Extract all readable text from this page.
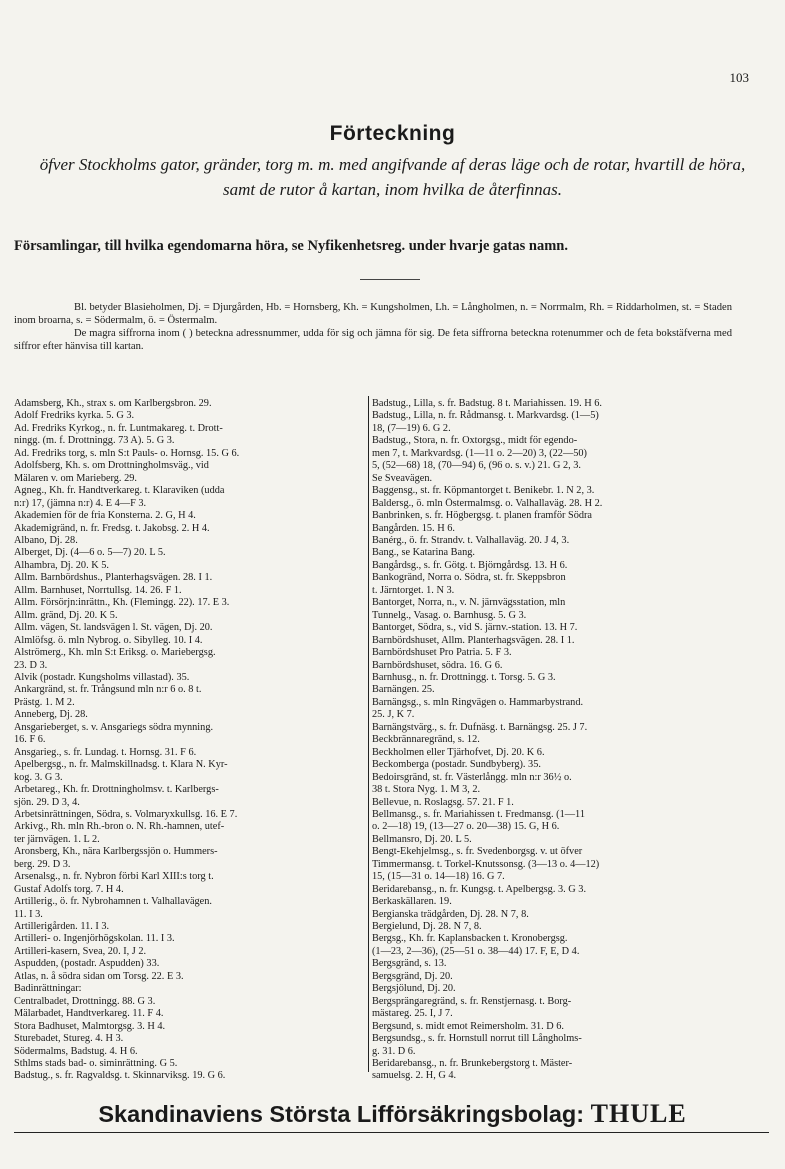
103
Förteckning
öfver Stockholms gator, gränder, torg m. m. med angifvande af deras läge och de rotar, hvartill de höra, samt de rutor å kartan, inom hvilka de återfinnas.
Församlingar, till hvilka egendomarna höra, se Nyfikenhetsreg. under hvarje gatas namn.

Bl. betyder Blasieholmen, Dj. = Djurgården, Hb. = Hornsberg, Kh. = Kungsholmen, Lh. = Långholmen, n. = Norrmalm, Rh. = Riddarholmen, st. = Staden inom broarna, s. = Södermalm, ö. = Östermalm.

De magra siffrorna inom ( ) beteckna adressnummer, udda för sig och jämna för sig. De feta siffrorna beteckna rotenummer och de feta bokstäfverna med siffror efter hänvisa till kartan.

Adamsberg, Kh., strax s. om Karlbergsbron. 29.
Adolf Fredriks kyrka. 5. G 3.
Ad. Fredriks Kyrkog., n. fr. Luntmakareg. t. Drott-
ningg. (m. f. Drottningg. 73 A). 5. G 3.
Ad. Fredriks torg, s. mln S:t Pauls- o. Hornsg. 15. G 6.
Adolfsberg, Kh. s. om Drottningholmsväg., vid
Mälaren v. om Marieberg. 29.
Agneg., Kh. fr. Handtverkareg. t. Klaraviken (udda
n:r) 17, (jämna n:r) 4. E 4—F 3.
Akademien för de fria Konsterna. 2. G, H 4.
Akademigränd, n. fr. Fredsg. t. Jakobsg. 2. H 4.
Albano, Dj. 28.
Alberget, Dj. (4—6 o. 5—7) 20. L 5.
Alhambra, Dj. 20. K 5.
Allm. Barnbördshus., Planterhagsvägen. 28. I 1.
Allm. Barnhuset, Norrtullsg. 14. 26. F 1.
Allm. Försörjn:inrättn., Kh. (Flemingg. 22). 17. E 3.
Allm. gränd, Dj. 20. K 5.
Allm. vägen, St. landsvägen l. St. vägen, Dj. 20.
Almlöfsg. ö. mln Nybrog. o. Sibylleg. 10. I 4.
Alströmerg., Kh. mln S:t Eriksg. o. Mariebergsg.
23. D 3.
Alvik (postadr. Kungsholms villastad). 35.
Ankargränd, st. fr. Trångsund mln n:r 6 o. 8 t.
Prästg. 1. M 2.
Anneberg, Dj. 28.
Ansgarieberget, s. v. Ansgariegs södra mynning.
16. F 6.
Ansgarieg., s. fr. Lundag. t. Hornsg. 31. F 6.
Apelbergsg., n. fr. Malmskillnadsg. t. Klara N. Kyr-
kog. 3. G 3.
Arbetareg., Kh. fr. Drottningholmsv. t. Karlbergs-
sjön. 29. D 3, 4.
Arbetsinrättningen, Södra, s. Volmaryxkullsg. 16. E 7.
Arkivg., Rh. mln Rh.-bron o. N. Rh.-hamnen, utef-
ter järnvägen. 1. L 2.
Aronsberg, Kh., nära Karlbergssjön o. Hummers-
berg. 29. D 3.
Arsenalsg., n. fr. Nybron förbi Karl XIII:s torg t.
Gustaf Adolfs torg. 7. H 4.
Artillerig., ö. fr. Nybrohamnen t. Valhallavägen.
11. I 3.
Artillerigården. 11. I 3.
Artilleri- o. Ingenjörhögskolan. 11. I 3.
Artilleri-kasern, Svea, 20. I, J 2.
Aspudden, (postadr. Aspudden) 33.
Atlas, n. å södra sidan om Torsg. 22. E 3.
Badinrättningar:
Centralbadet, Drottningg. 88. G 3.
Mälarbadet, Handtverkareg. 11. F 4.
Stora Badhuset, Malmtorgsg. 3. H 4.
Sturebadet, Stureg. 4. H 3.
Södermalms, Badstug. 4. H 6.
Sthlms stads bad- o. siminrättning. G 5.
Badstug., s. fr. Ragvaldsg. t. Skinnarviksg. 19. G 6.
Badstug., Lilla, s. fr. Badstug. 8 t. Mariahissen. 19. H 6.
Badstug., Lilla, n. fr. Rådmansg. t. Markvardsg. (1—5)
18, (7—19) 6. G 2.
Badstug., Stora, n. fr. Oxtorgsg., midt för egendo-
men 7, t. Markvardsg. (1—11 o. 2—20) 3, (22—50)
5, (52—68) 18, (70—94) 6, (96 o. s. v.) 21. G 2, 3.
Se Sveavägen.
Baggensg., st. fr. Köpmantorget t. Benikebr. 1. N 2, 3.
Baldersg., ö. mln Östermalmsg. o. Valhallaväg. 28. H 2.
Banbrinken, s. fr. Högbergsg. t. planen framför Södra
Bangården. 15. H 6.
Banérg., ö. fr. Strandv. t. Valhallaväg. 20. J 4, 3.
Bang., se Katarina Bang.
Bangårdsg., s. fr. Götg. t. Björngårdsg. 13. H 6.
Bankogränd, Norra o. Södra, st. fr. Skeppsbron
t. Järntorget. 1. N 3.
Bantorget, Norra, n., v. N. järnvägsstation, mln
Tunnelg., Vasag. o. Barnhusg. 5. G 3.
Bantorget, Södra, s., vid S. järnv.-station. 13. H 7.
Barnbördshuset, Allm. Planterhagsvägen. 28. I 1.
Barnbördshuset Pro Patria. 5. F 3.
Barnbördshuset, södra. 16. G 6.
Barnhusg., n. fr. Drottningg. t. Torsg. 5. G 3.
Barnängen. 25.
Barnängsg., s. mln Ringvägen o. Hammarbystrand.
25. J, K 7.
Barnängstvärg., s. fr. Dufnäsg. t. Barnängsg. 25. J 7.
Beckbrännaregränd, s. 12.
Beckholmen eller Tjärhofvet, Dj. 20. K 6.
Beckomberga (postadr. Sundbyberg). 35.
Bedoirsgränd, st. fr. Västerlångg. mln n:r 36½ o.
38 t. Stora Nyg. 1. M 3, 2.
Bellevue, n. Roslagsg. 57. 21. F 1.
Bellmansg., s. fr. Mariahissen t. Fredmansg. (1—11
o. 2—18) 19, (13—27 o. 20—38) 15. G, H 6.
Bellmansro, Dj. 20. L 5.
Bengt-Ekehjelmsg., s. fr. Svedenborgsg. v. ut öfver
Timmermansg. t. Torkel-Knutssonsg. (3—13 o. 4—12)
15, (15—31 o. 14—18) 16. G 7.
Beridarebansg., n. fr. Kungsg. t. Apelbergsg. 3. G 3.
Berkaskällaren. 19.
Bergianska trädgården, Dj. 28. N 7, 8.
Bergielund, Dj. 28. N 7, 8.
Bergsg., Kh. fr. Kaplansbacken t. Kronobergsg.
(1—23, 2—36), (25—51 o. 38—44) 17. F, E, D 4.
Bergsgränd, s. 13.
Bergsgränd, Dj. 20.
Bergsjölund, Dj. 20.
Bergsprängaregränd, s. fr. Renstjernasg. t. Borg-
mästareg. 25. I, J 7.
Bergsund, s. midt emot Reimersholm. 31. D 6.
Bergsundsg., s. fr. Hornstull norrut till Långholms-
g. 31. D 6.
Beridarebansg., n. fr. Brunkebergstorg t. Mäster-
samuelsg. 2. H, G 4.
Skandinaviens Största Lifförsäkringsbolag: THULE
